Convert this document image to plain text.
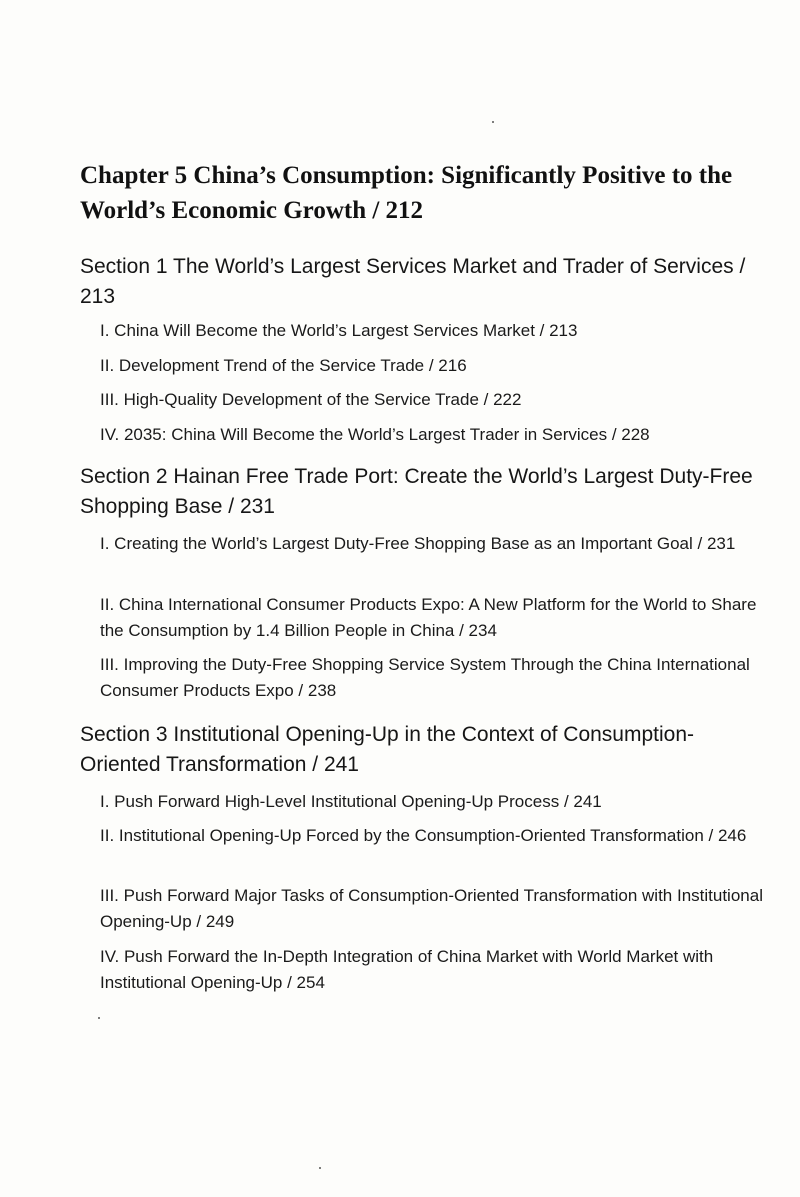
Chapter 5 China’s Consumption: Significantly Positive to the World’s Economic Growth / 212
Section 1 The World’s Largest Services Market and Trader of Services / 213
I. China Will Become the World’s Largest Services Market / 213
II. Development Trend of the Service Trade / 216
III. High-Quality Development of the Service Trade / 222
IV. 2035: China Will Become the World’s Largest Trader in Services / 228
Section 2 Hainan Free Trade Port: Create the World’s Largest Duty-Free Shopping Base / 231
I. Creating the World’s Largest Duty-Free Shopping Base as an Important Goal / 231
II. China International Consumer Products Expo: A New Platform for the World to Share the Consumption by 1.4 Billion People in China / 234
III. Improving the Duty-Free Shopping Service System Through the China International Consumer Products Expo / 238
Section 3 Institutional Opening-Up in the Context of Consumption-Oriented Transformation / 241
I. Push Forward High-Level Institutional Opening-Up Process / 241
II. Institutional Opening-Up Forced by the Consumption-Oriented Transformation / 246
III. Push Forward Major Tasks of Consumption-Oriented Transformation with Institutional Opening-Up / 249
IV. Push Forward the In-Depth Integration of China Market with World Market with Institutional Opening-Up / 254
